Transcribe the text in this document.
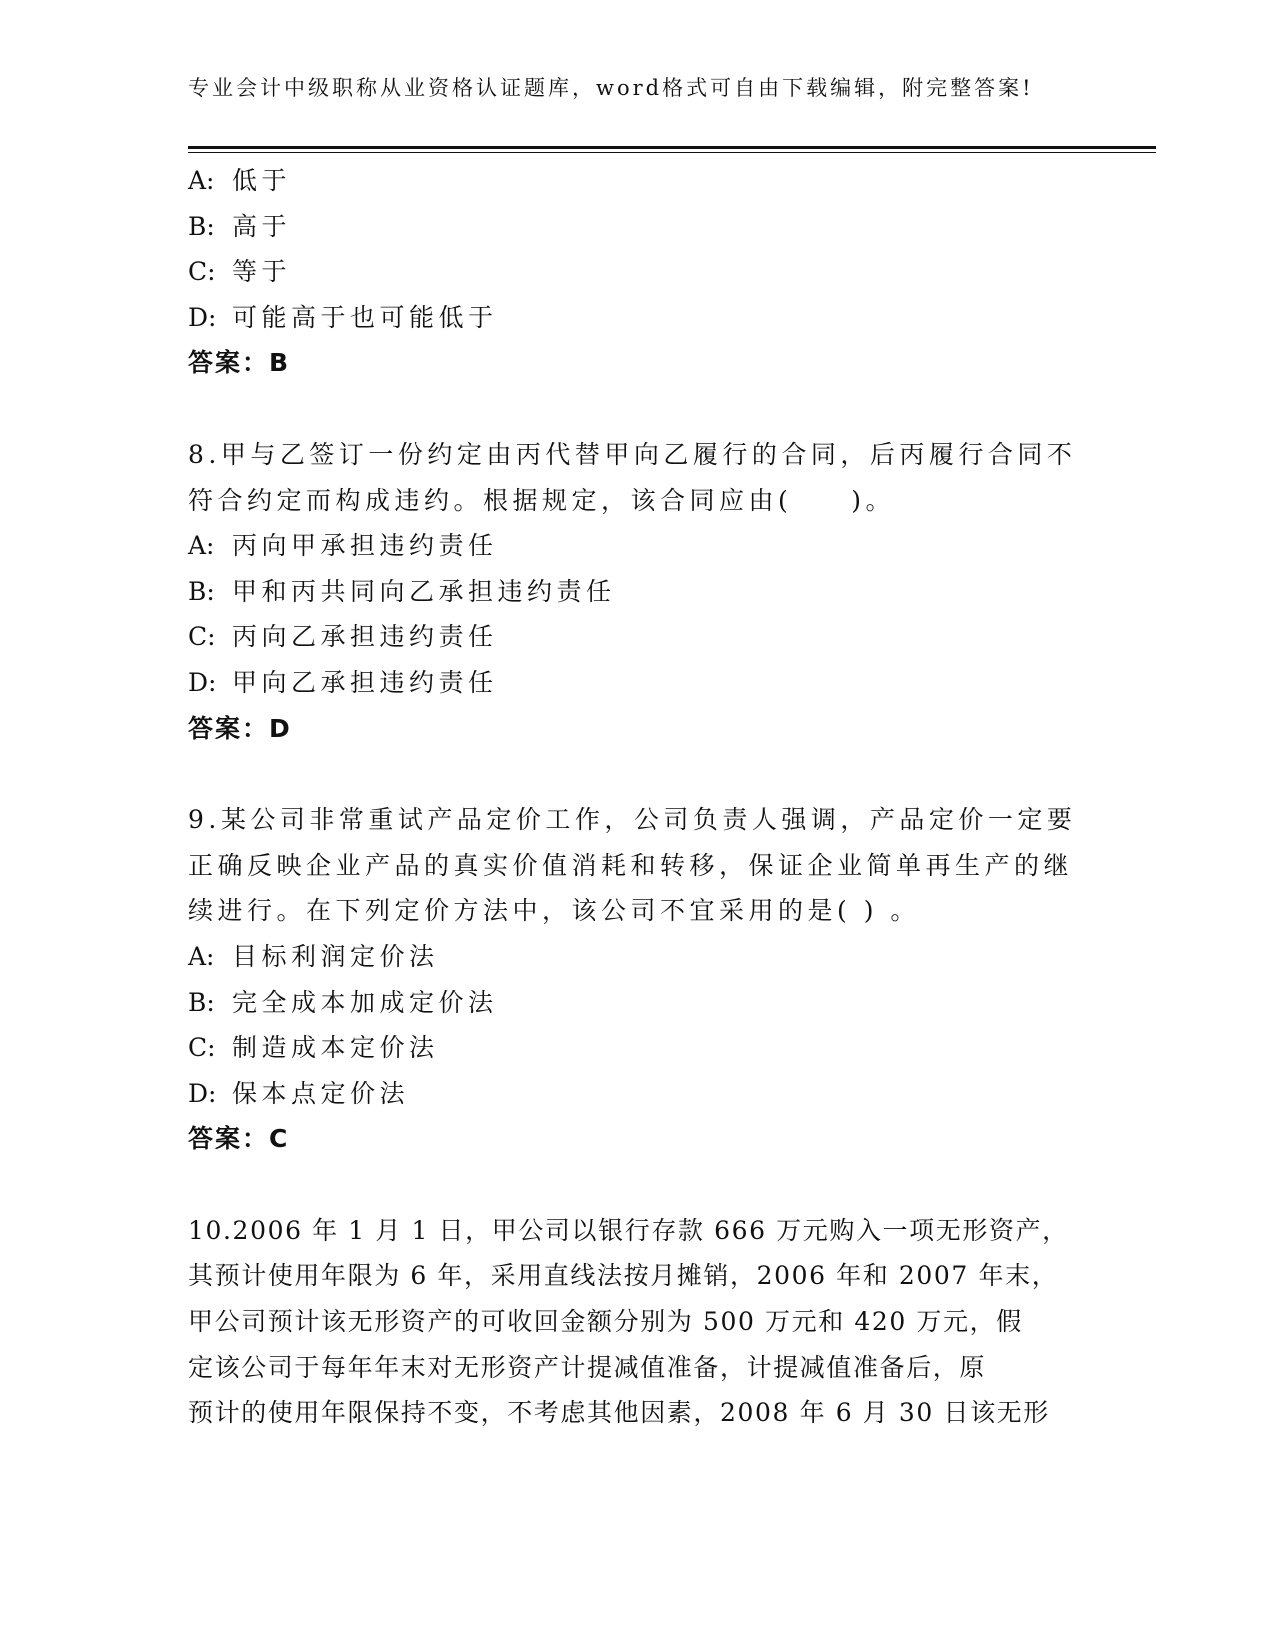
专业会计中级职称从业资格认证题库，word格式可自由下载编辑，附完整答案!

A: 低于

B: 高于

C: 等于

D: 可能高于也可能低于

答案：B

8.甲与乙签订一份约定由丙代替甲向乙履行的合同，后丙履行合同不

符合约定而构成违约。根据规定，该合同应由(　　)。

A: 丙向甲承担违约责任

B: 甲和丙共同向乙承担违约责任

C: 丙向乙承担违约责任

D: 甲向乙承担违约责任

答案：D

9.某公司非常重试产品定价工作，公司负责人强调，产品定价一定要

正确反映企业产品的真实价值消耗和转移，保证企业简单再生产的继

续进行。在下列定价方法中，该公司不宜采用的是( ) 。

A: 目标利润定价法

B: 完全成本加成定价法

C: 制造成本定价法

D: 保本点定价法

答案：C

10.2006 年 1 月 1 日，甲公司以银行存款 666 万元购入一项无形资产，

其预计使用年限为 6 年，采用直线法按月摊销，2006 年和 2007 年末，

甲公司预计该无形资产的可收回金额分别为 500 万元和 420 万元，假

定该公司于每年年末对无形资产计提减值准备，计提减值准备后，原

预计的使用年限保持不变，不考虑其他因素，2008 年 6 月 30 日该无形
